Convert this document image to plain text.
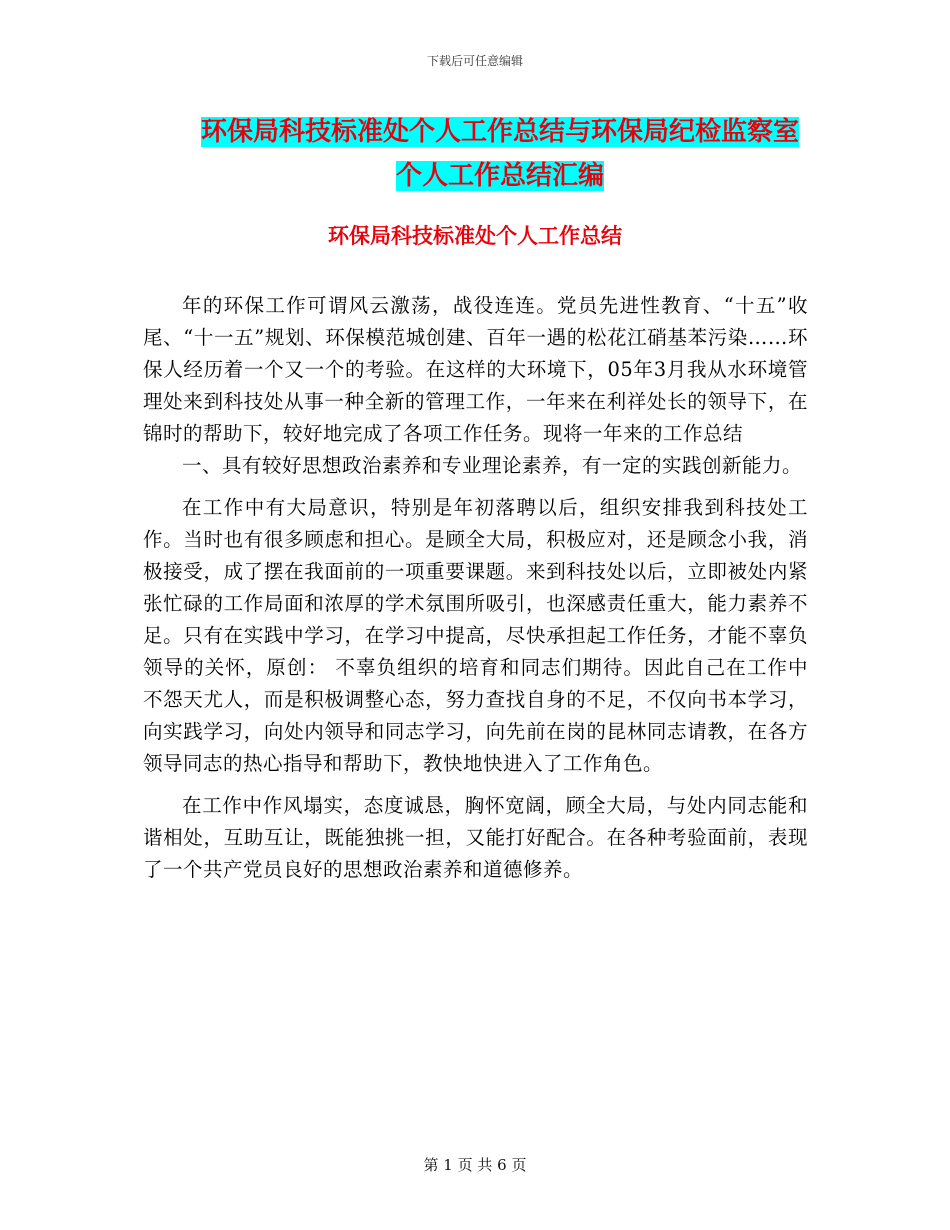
下载后可任意编辑
环保局科技标准处个人工作总结与环保局纪检监察室
个人工作总结汇编
环保局科技标准处个人工作总结

年的环保工作可谓风云激荡，战役连连。党员先进性教育、“十五”收尾、“十一五”规划、环保模范城创建、百年一遇的松花江硝基苯污染……环保人经历着一个又一个的考验。在这样的大环境下，05年3月我从水环境管理处来到科技处从事一种全新的管理工作，一年来在利祥处长的领导下，在锦时的帮助下，较好地完成了各项工作任务。现将一年来的工作总结

一、具有较好思想政治素养和专业理论素养，有一定的实践创新能力。

在工作中有大局意识，特别是年初落聘以后，组织安排我到科技处工作。当时也有很多顾虑和担心。是顾全大局，积极应对，还是顾念小我，消极接受，成了摆在我面前的一项重要课题。来到科技处以后，立即被处内紧张忙碌的工作局面和浓厚的学术氛围所吸引，也深感责任重大，能力素养不足。只有在实践中学习，在学习中提高，尽快承担起工作任务，才能不辜负领导的关怀，原创： 不辜负组织的培育和同志们期待。因此自己在工作中不怨天尤人，而是积极调整心态，努力查找自身的不足，不仅向书本学习，向实践学习，向处内领导和同志学习，向先前在岗的昆林同志请教，在各方领导同志的热心指导和帮助下，教快地快进入了工作角色。

在工作中作风塌实，态度诚恳，胸怀宽阔，顾全大局，与处内同志能和谐相处，互助互让，既能独挑一担，又能打好配合。在各种考验面前，表现了一个共产党员良好的思想政治素养和道德修养。

第 1 页 共 6 页
